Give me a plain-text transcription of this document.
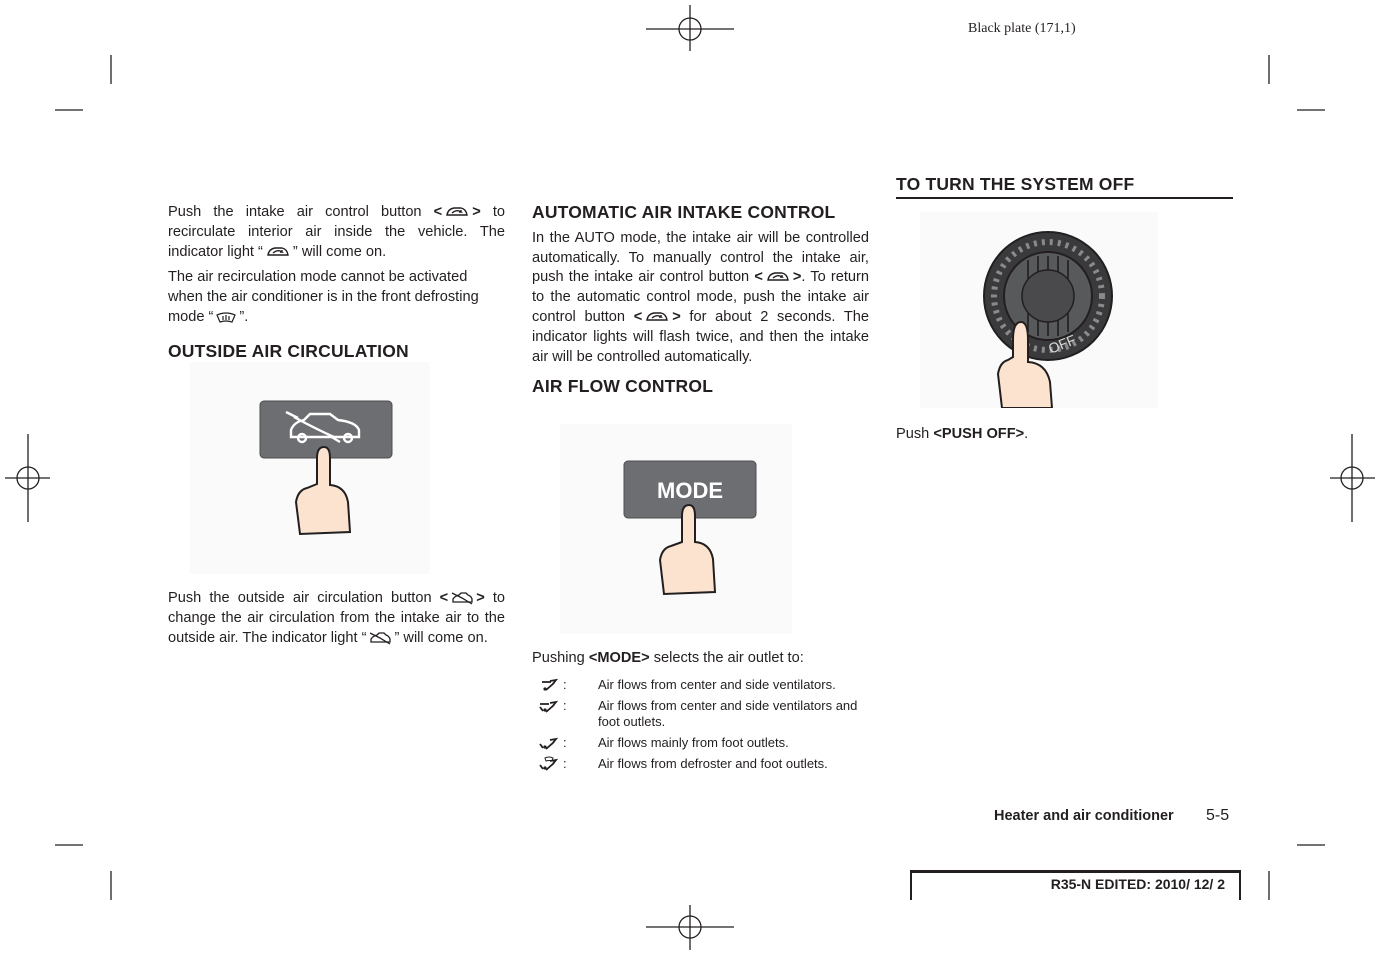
Black plate (171,1)

Push the intake air control button < > to recirculate interior air inside the vehicle. The indicator light “ ” will come on.

The air recirculation mode cannot be activated when the air conditioner is in the front defrosting mode “ ”.

OUTSIDE AIR CIRCULATION

Push the outside air circulation button < > to change the air circulation from the intake air to the outside air. The indicator light “ ” will come on.

AUTOMATIC AIR INTAKE CONTROL

In the AUTO mode, the intake air will be controlled automatically. To manually control the intake air, push the intake air control button < >. To return to the automatic control mode, push the intake air control button < > for about 2 seconds. The indicator lights will flash twice, and then the intake air will be controlled automatically.

AIR FLOW CONTROL
MODE

Pushing <MODE> selects the air outlet to:

: Air flows from center and side ventilators.
: Air flows from center and side ventilators and foot outlets.
: Air flows mainly from foot outlets.
: Air flows from defroster and foot outlets.
TO TURN THE SYSTEM OFF
OFF

Push <PUSH OFF>.

Heater and air conditioner 5-5
R35-N EDITED: 2010/ 12/ 2
